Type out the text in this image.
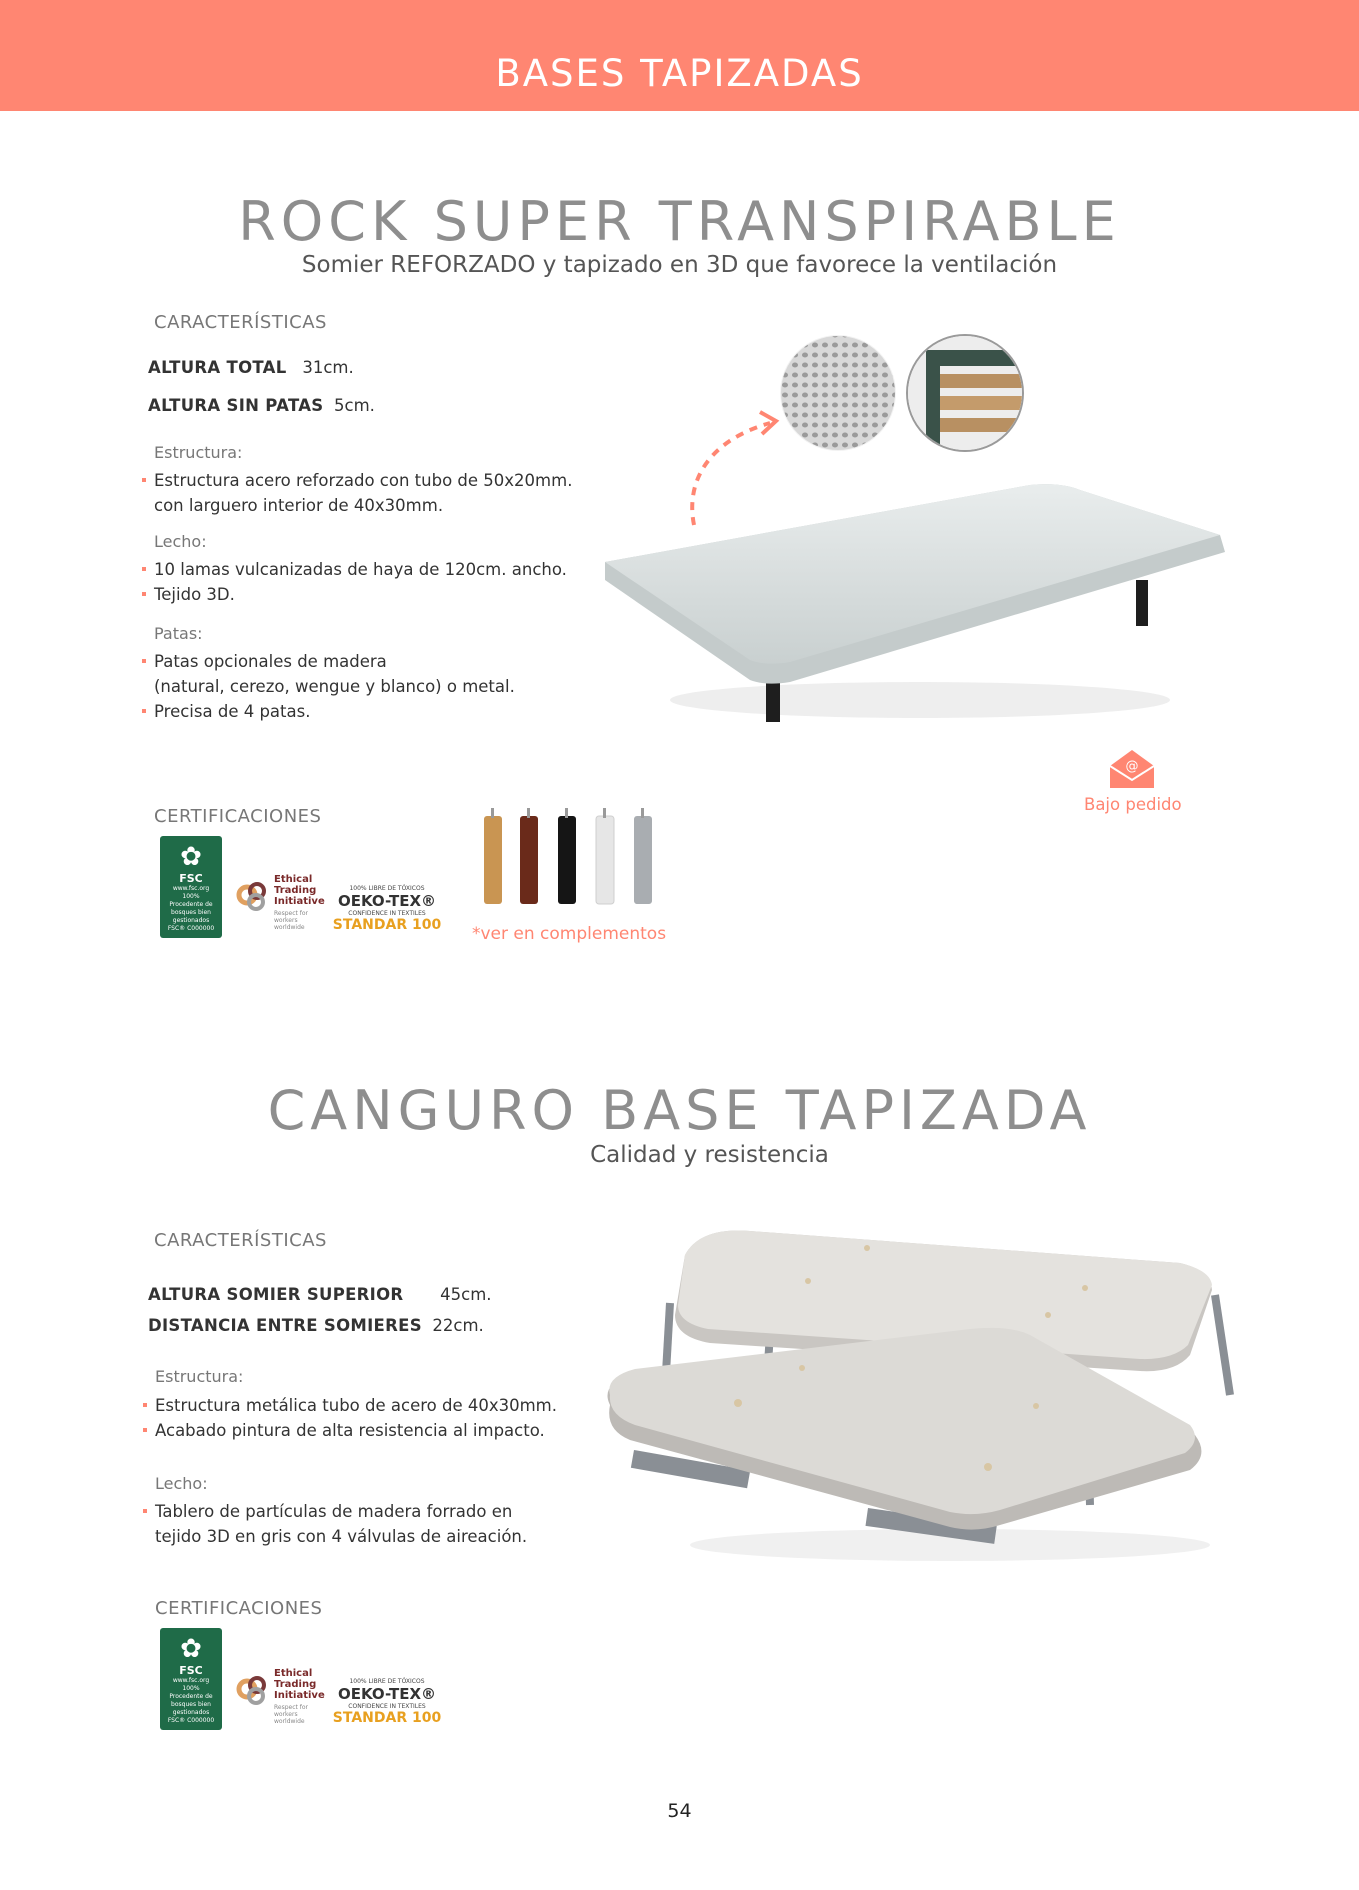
BASES TAPIZADAS
ROCK SUPER TRANSPIRABLE
Somier REFORZADO y tapizado en 3D que favorece la ventilación
CARACTERÍSTICAS
ALTURA TOTAL 31cm.
ALTURA SIN PATAS 5cm.
Estructura:
Estructura acero reforzado con tubo de 50x20mm.
con larguero interior de 40x30mm.
Lecho:
10 lamas vulcanizadas de haya de 120cm. ancho.
Tejido 3D.
Patas:
Patas opcionales de madera
(natural, cerezo, wengue y blanco) o metal.
Precisa de 4 patas.
@
Bajo pedido
CERTIFICACIONES
✿
FSC
www.fsc.org
100%
Procedente de bosques bien gestionados
FSC® C000000
Ethical
Trading
Initiative
Respect for workers worldwide
100% LIBRE DE TÓXICOS
OEKO-TEX®
CONFIDENCE IN TEXTILES
STANDAR 100 *ver en complementos
CANGURO BASE TAPIZADA
Calidad y resistencia
CARACTERÍSTICAS
ALTURA SOMIER SUPERIOR 45cm.
DISTANCIA ENTRE SOMIERES 22cm.
Estructura:
Estructura metálica tubo de acero de 40x30mm.
Acabado pintura de alta resistencia al impacto.
Lecho:
Tablero de partículas de madera forrado en
tejido 3D en gris con 4 válvulas de aireación.
CERTIFICACIONES
✿
FSC
www.fsc.org
100%
Procedente de bosques bien gestionados
FSC® C000000
Ethical
Trading
Initiative
Respect for workers worldwide
100% LIBRE DE TÓXICOS
OEKO-TEX®
CONFIDENCE IN TEXTILES
STANDAR 100
54
